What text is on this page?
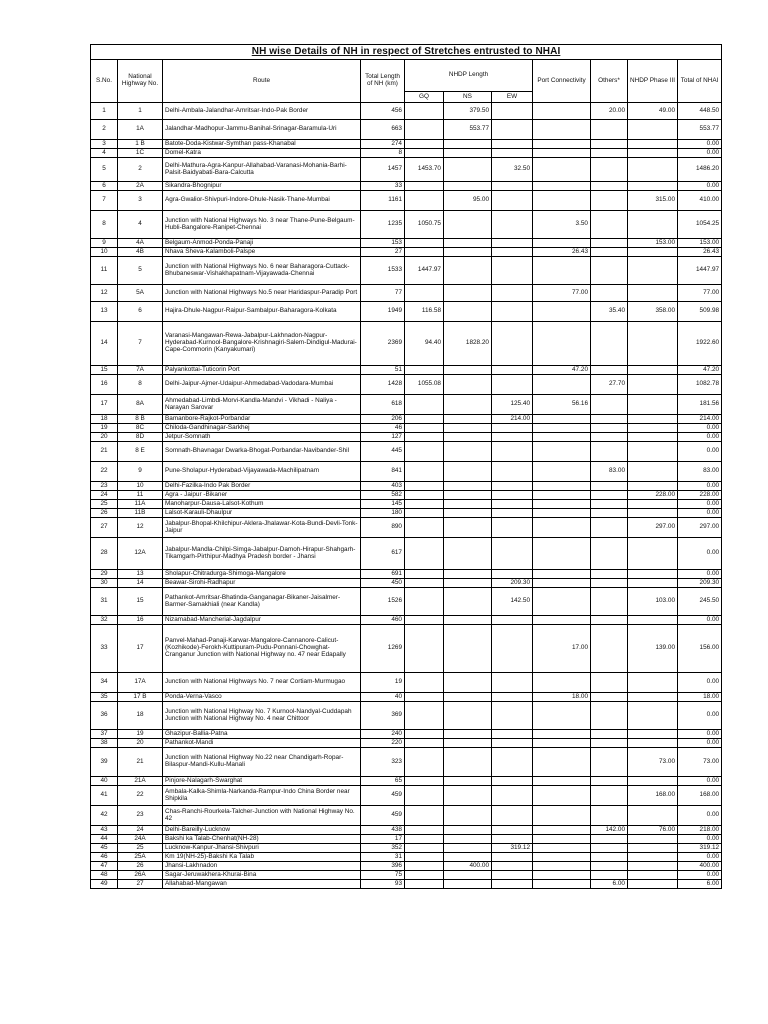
NH wise Details of NH in respect of Stretches entrusted to NHAI										
S.No.	National Highway No.	Route	Total Length of NH (km)	NHDP Length			Port Connectivity	Others*	NHDP Phase III	Total of NHAI
				GQ	NS	EW				
1	1	Delhi-Ambala-Jalandhar-Amritsar-Indo-Pak Border	456		379.50			20.00	49.00	448.50
2	1A	Jalandhar-Madhopur-Jammu-Banihal-Srinagar-Baramula-Uri	663		553.77					553.77
3	1 B	Batote-Doda-Kistwar-Symthan pass-Khanabal	274							0.00
4	1C	Domel-Katra	8							0.00
5	2	Delhi-Mathura-Agra-Kanpur-Allahabad-Varanasi-Mohania-Barhi-Palsit-Baidyabati-Bara-Calcutta	1457	1453.70		32.50				1486.20
6	2A	Sikandra-Bhognipur	33							0.00
7	3	Agra-Gwalior-Shivpuri-Indore-Dhule-Nasik-Thane-Mumbai	1161		95.00				315.00	410.00
8	4	Junction with National Highways No. 3 near Thane-Pune-Belgaum-Hubli-Bangalore-Ranipet-Chennai	1235	1050.75			3.50			1054.25
9	4A	Belgaum-Anmod-Ponda-Panaji	153						153.00	153.00
10	4B	Nhava Sheva-Kalamboli-Palspe	27				26.43			26.43
11	5	Junction with National Highways No. 6 near Baharagora-Cuttack-Bhubaneswar-Vishakhapatnam-Vijayawada-Chennai	1533	1447.97						1447.97
12	5A	Junction with National Highways No.5 near Haridaspur-Paradip Port	77				77.00			77.00
13	6	Hajira-Dhule-Nagpur-Raipur-Sambalpur-Baharagora-Kolkata	1949	116.58				35.40	358.00	509.98
14	7	Varanasi-Mangawan-Rewa-Jabalpur-Lakhnadon-Nagpur-Hyderabad-Kurnool-Bangalore-Krishnagiri-Salem-Dindigul-Madurai-Cape-Commorin (Kanyakumari)	2369	94.40	1828.20					1922.60
15	7A	Palyankottai-Tuticorin Port	51				47.20			47.20
16	8	Delhi-Jaipur-Ajmer-Udaipur-Ahmedabad-Vadodara-Mumbai	1428	1055.08				27.70		1082.78
17	8A	Ahmedabad-Limbdi-Morvi-Kandla-Mandvi - Vikhadi - Naliya - Narayan Sarovar	618			125.40	56.16			181.56
18	8 B	Bamanbore-Rajkot-Porbandar	206			214.00				214.00
19	8C	Chiloda-Gandhinagar-Sarkhej	46							0.00
20	8D	Jetpur-Somnath	127							0.00
21	8 E	Somnath-Bhavnagar Dwarka-Bhogat-Porbandar-Navibander-Shil	445							0.00
22	9	Pune-Sholapur-Hyderabad-Vijayawada-Machilipatnam	841					83.00		83.00
23	10	Delhi-Fazilka-Indo Pak Border	403							0.00
24	11	Agra - Jaipur -Bikaner	582						228.00	228.00
25	11A	Manoharpur-Dausa-Lalsot-Kothum	145							0.00
26	11B	Lalsot-Karauli-Dhaulpur	180							0.00
27	12	Jabalpur-Bhopal-Khilchipur-Aklera-Jhalawar-Kota-Bundi-Devli-Tonk-Jaipur	890						297.00	297.00
28	12A	Jabalpur-Mandla-Chilpi-Simga-Jabalpur-Damoh-Hirapur-Shahgarh-Tikamgarh-Pirthipur-Madhya Pradesh border - Jhansi	617							0.00
29	13	Sholapur-Chitradurga-Shimoga-Mangalore	691							0.00
30	14	Beawar-Sirohi-Radhapur	450			209.30				209.30
31	15	Pathankot-Amritsar-Bhatinda-Ganganagar-Bikaner-Jaisalmer-Barmer-Samakhiali (near Kandla)	1526			142.50			103.00	245.50
32	16	Nizamabad-Mancherial-Jagdalpur	460							0.00
33	17	Panvel-Mahad-Panaji-Karwar-Mangalore-Cannanore-Calicut-(Kozhikode)-Ferokh-Kuttipuram-Pudu-Ponnani-Chowghat-Cranganur Junction with National Highway no. 47 near Edapally	1269				17.00		139.00	156.00
34	17A	Junction with National Highways No. 7 near Cortiam-Murmugao	19							0.00
35	17 B	Ponda-Verna-Vasco	40				18.00			18.00
36	18	Junction with National Highway No. 7 Kurnool-Nandyal-Cuddapah Junction with National Highway No. 4 near Chittoor	369							0.00
37	19	Ghazipur-Ballia-Patna	240							0.00
38	20	Pathankot-Mandi	220							0.00
39	21	Junction with National Highway No.22 near Chandigarh-Ropar-Bilaspur-Mandi-Kullu-Manali	323						73.00	73.00
40	21A	Pinjore-Nalagarh-Swarghat	65							0.00
41	22	Ambala-Kalka-Shimla-Narkanda-Rampur-Indo China Border near Shipkila	459						168.00	168.00
42	23	Chas-Ranchi-Rourkela-Talcher-Junction with National Highway No. 42	459							0.00
43	24	Delhi-Bareilly-Lucknow	438					142.00	76.00	218.00
44	24A	Bakshi ka Talab-Chenhat(NH-28)	17							0.00
45	25	Lucknow-Kanpur-Jhansi-Shivpuri	352			319.12				319.12
46	25A	Km 19(NH-25)-Bakshi Ka Talab	31							0.00
47	26	Jhansi-Lakhnadon	396		400.00					400.00
48	26A	Sagar-Jeruwakhera-Khurai-Bina	75							0.00
49	27	Allahabad-Mangawan	93					6.00		6.00
